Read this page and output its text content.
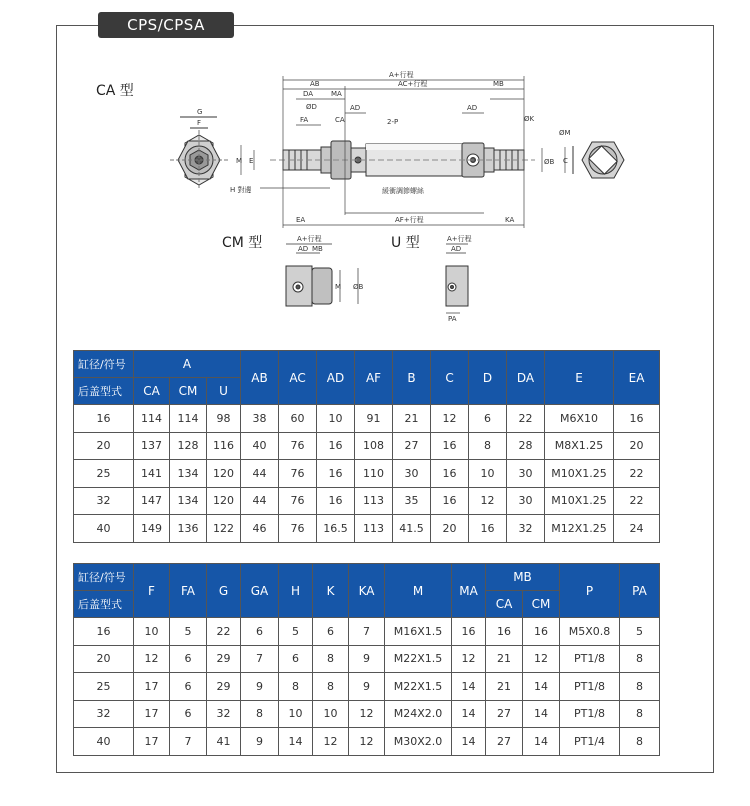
CPS/CPSA
CA 型
CM 型	U 型
G
F
A+行程
AC+行程
AB
DA	MA
MB
AD	AD
ØD
FA	CA	2-P	ØK
ØB
M E
H 對邊	緩衝調節螺絲
EA	AF+行程	KA
ØM
C
A+行程
AD MB
M ØB
A+行程
AD
PA
缸径/符号	A			AB	AC	AD	AF	B	C	D	DA	E	EA
后盖型式	CA	CM	U										
16	114	114	98	38	60	10	91	21	12	6	22	M6X10	16
20	137	128	116	40	76	16	108	27	16	8	28	M8X1.25	20
25	141	134	120	44	76	16	110	30	16	10	30	M10X1.25	22
32	147	134	120	44	76	16	113	35	16	12	30	M10X1.25	22
40	149	136	122	46	76	16.5	113	41.5	20	16	32	M12X1.25	24
缸径/符号	F	FA	G	GA	H	K	KA	M	MA	MB		P	PA
后盖型式										CA	CM		
16	10	5	22	6	5	6	7	M16X1.5	16	16	16	M5X0.8	5
20	12	6	29	7	6	8	9	M22X1.5	12	21	12	PT1/8	8
25	17	6	29	9	8	8	9	M22X1.5	14	21	14	PT1/8	8
32	17	6	32	8	10	10	12	M24X2.0	14	27	14	PT1/8	8
40	17	7	41	9	14	12	12	M30X2.0	14	27	14	PT1/4	8
